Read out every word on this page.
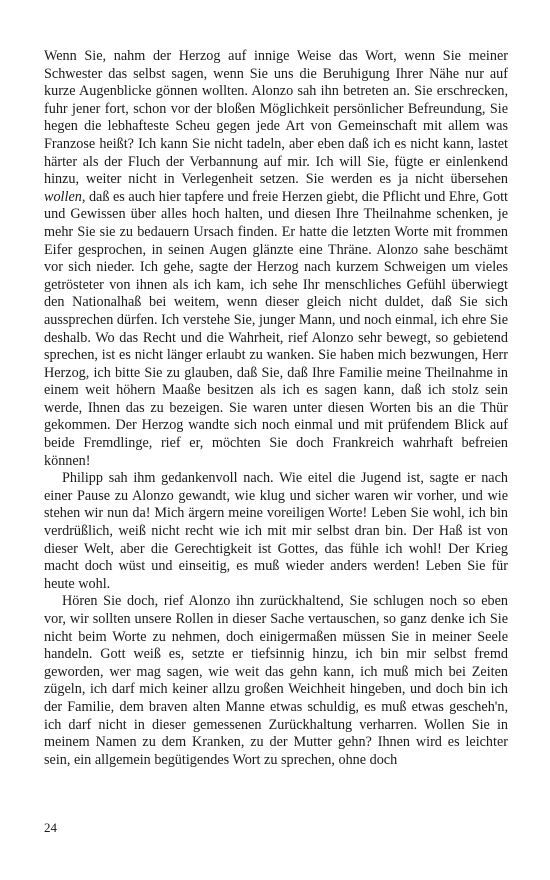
Wenn Sie, nahm der Herzog auf innige Weise das Wort, wenn Sie meiner Schwester das selbst sagen, wenn Sie uns die Beruhigung Ihrer Nähe nur auf kurze Augenblicke gönnen wollten. Alonzo sah ihn betreten an. Sie erschrecken, fuhr jener fort, schon vor der bloßen Möglichkeit persönlicher Befreundung, Sie hegen die lebhafteste Scheu gegen jede Art von Gemeinschaft mit allem was Franzose heißt? Ich kann Sie nicht tadeln, aber eben daß ich es nicht kann, lastet härter als der Fluch der Verbannung auf mir. Ich will Sie, fügte er einlenkend hinzu, weiter nicht in Verlegenheit setzen. Sie werden es ja nicht übersehen wollen, daß es auch hier tapfere und freie Herzen giebt, die Pflicht und Ehre, Gott und Gewissen über alles hoch halten, und diesen Ihre Theilnahme schenken, je mehr Sie sie zu bedauern Ursach finden. Er hatte die letzten Worte mit frommen Eifer gesprochen, in seinen Augen glänzte eine Thräne. Alonzo sahe beschämt vor sich nieder. Ich gehe, sagte der Herzog nach kurzem Schweigen um vieles getrösteter von ihnen als ich kam, ich sehe Ihr menschliches Gefühl überwiegt den Nationalhaß bei weitem, wenn dieser gleich nicht duldet, daß Sie sich aussprechen dürfen. Ich verstehe Sie, junger Mann, und noch einmal, ich ehre Sie deshalb. Wo das Recht und die Wahrheit, rief Alonzo sehr bewegt, so gebietend sprechen, ist es nicht länger erlaubt zu wanken. Sie haben mich bezwungen, Herr Herzog, ich bitte Sie zu glauben, daß Sie, daß Ihre Familie meine Theilnahme in einem weit höhern Maaße besitzen als ich es sagen kann, daß ich stolz sein werde, Ihnen das zu bezeigen. Sie waren unter diesen Worten bis an die Thür gekommen. Der Herzog wandte sich noch einmal und mit prüfendem Blick auf beide Fremdlinge, rief er, möchten Sie doch Frankreich wahrhaft befreien können!

Philipp sah ihm gedankenvoll nach. Wie eitel die Jugend ist, sagte er nach einer Pause zu Alonzo gewandt, wie klug und sicher waren wir vorher, und wie stehen wir nun da! Mich ärgern meine voreiligen Worte! Leben Sie wohl, ich bin verdrüßlich, weiß nicht recht wie ich mit mir selbst dran bin. Der Haß ist von dieser Welt, aber die Gerechtigkeit ist Gottes, das fühle ich wohl! Der Krieg macht doch wüst und einseitig, es muß wieder anders werden! Leben Sie für heute wohl.

Hören Sie doch, rief Alonzo ihn zurückhaltend, Sie schlugen noch so eben vor, wir sollten unsere Rollen in dieser Sache vertauschen, so ganz denke ich Sie nicht beim Worte zu nehmen, doch einigermaßen müssen Sie in meiner Seele handeln. Gott weiß es, setzte er tiefsinnig hinzu, ich bin mir selbst fremd geworden, wer mag sagen, wie weit das gehn kann, ich muß mich bei Zeiten zügeln, ich darf mich keiner allzu großen Weichheit hingeben, und doch bin ich der Familie, dem braven alten Manne etwas schuldig, es muß etwas gescheh'n, ich darf nicht in dieser gemessenen Zurückhaltung verharren. Wollen Sie in meinem Namen zu dem Kranken, zu der Mutter gehn? Ihnen wird es leichter sein, ein allgemein begütigendes Wort zu sprechen, ohne doch

24
